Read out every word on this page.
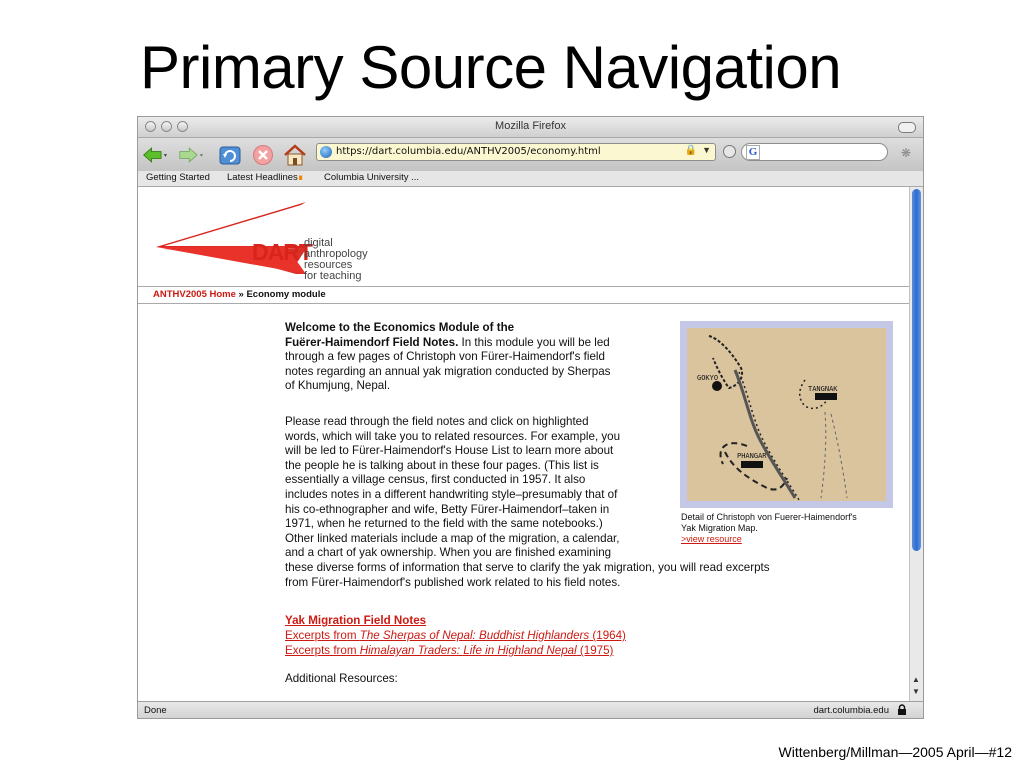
Primary Source Navigation
Mozilla Firefox
https://dart.columbia.edu/ANTHV2005/economy.html	🔒 ▼	G	❋
Getting Started Latest Headlines∎ Columbia University ...
DART
digital anthropology
resources for teaching
ANTHV2005 Home » Economy module
Welcome to the Economics Module of the
Fuërer-Haimendorf Field Notes. In this module you will be led
through a few pages of Christoph von Fürer-Haimendorf's field
notes regarding an annual yak migration conducted by Sherpas
of Khumjung, Nepal.
Please read through the field notes and click on highlighted
words, which will take you to related resources. For example, you
will be led to Fürer-Haimendorf's House List to learn more about
the people he is talking about in these four pages. (This list is
essentially a village census, first conducted in 1957. It also
includes notes in a different handwriting style–presumably that of
his co-ethnographer and wife, Betty Fürer-Haimendorf–taken in
1971, when he returned to the field with the same notebooks.)
Other linked materials include a map of the migration, a calendar,
and a chart of yak ownership. When you are finished examining
these diverse forms of information that serve to clarify the yak migration, you will read excerpts
from Fürer-Haimendorf's published work related to his field notes.
Yak Migration Field Notes
Excerpts from The Sherpas of Nepal: Buddhist Highlanders (1964)
Excerpts from Himalayan Traders: Life in Highland Nepal (1975)
Additional Resources:
GOKYO
TANGNAK
PHANGAR
Detail of Christoph von Fuerer-Haimendorf's
Yak Migration Map.
>view resource
▲
▼
Done	dart.columbia.edu
Wittenberg/Millman—2005 April—#12
